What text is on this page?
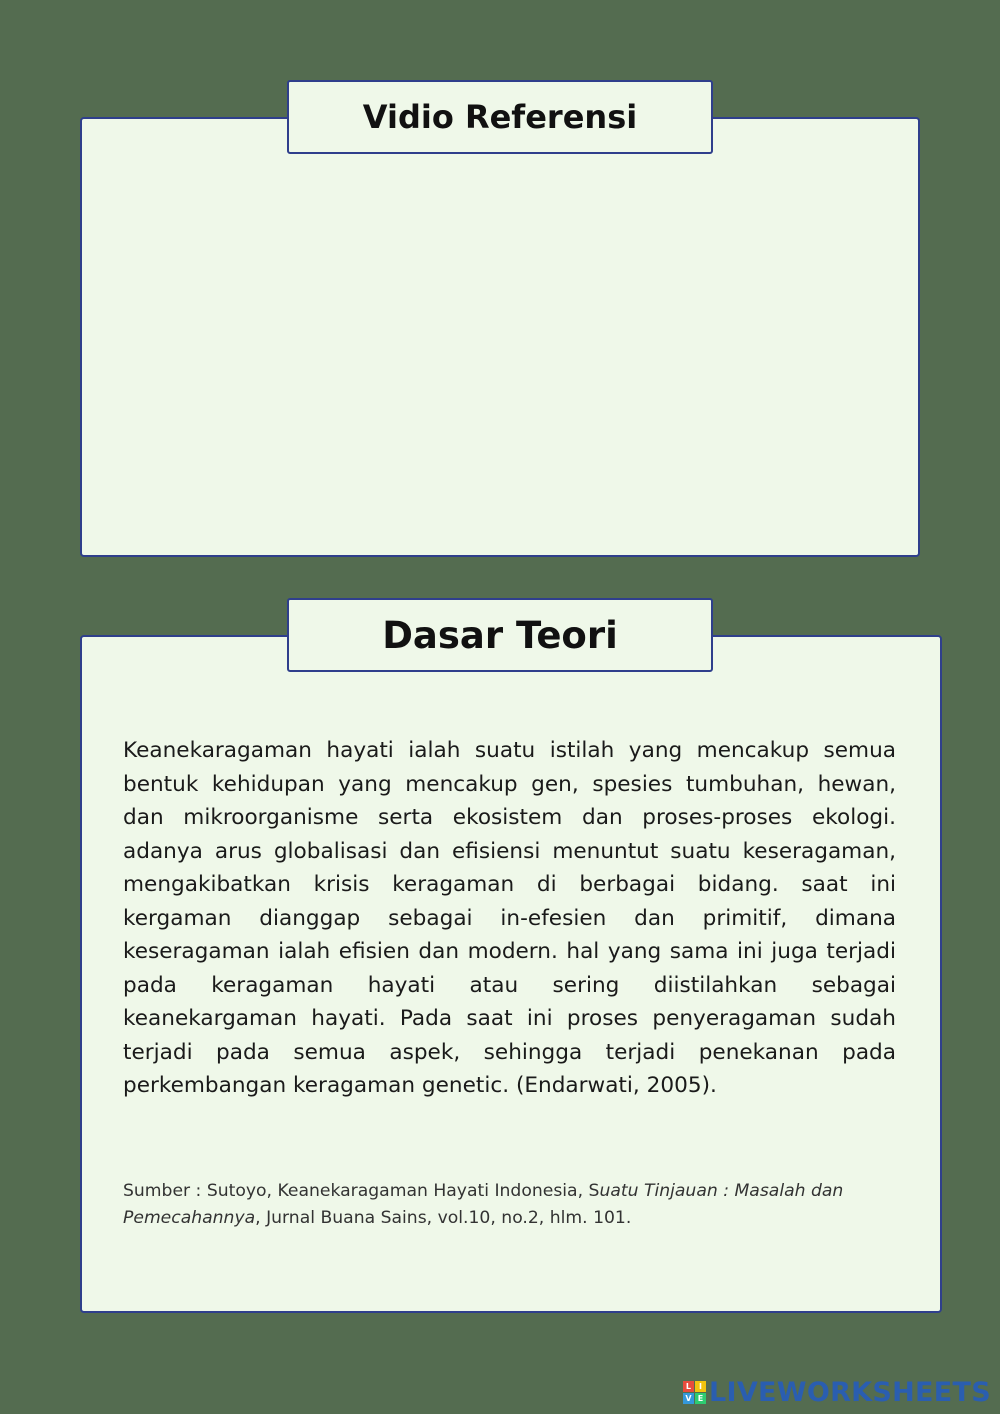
Vidio Referensi
Dasar Teori

Keanekaragaman hayati ialah suatu istilah yang mencakup semua bentuk kehidupan yang mencakup gen, spesies tumbuhan, hewan, dan mikroorganisme serta ekosistem dan proses-proses ekologi. adanya arus globalisasi dan efisiensi menuntut suatu keseragaman, mengakibatkan krisis keragaman di berbagai bidang. saat ini kergaman dianggap sebagai in-efesien dan primitif, dimana keseragaman ialah efisien dan modern. hal yang sama ini juga terjadi pada keragaman hayati atau sering diistilahkan sebagai keanekargaman hayati. Pada saat ini proses penyeragaman sudah terjadi pada semua aspek, sehingga terjadi penekanan pada perkembangan keragaman genetic. (Endarwati, 2005).

Sumber : Sutoyo, Keanekaragaman Hayati Indonesia, Suatu Tinjauan : Masalah dan Pemecahannya, Jurnal Buana Sains, vol.10, no.2, hlm. 101.

L I
V E LIVEWORKSHEETS
